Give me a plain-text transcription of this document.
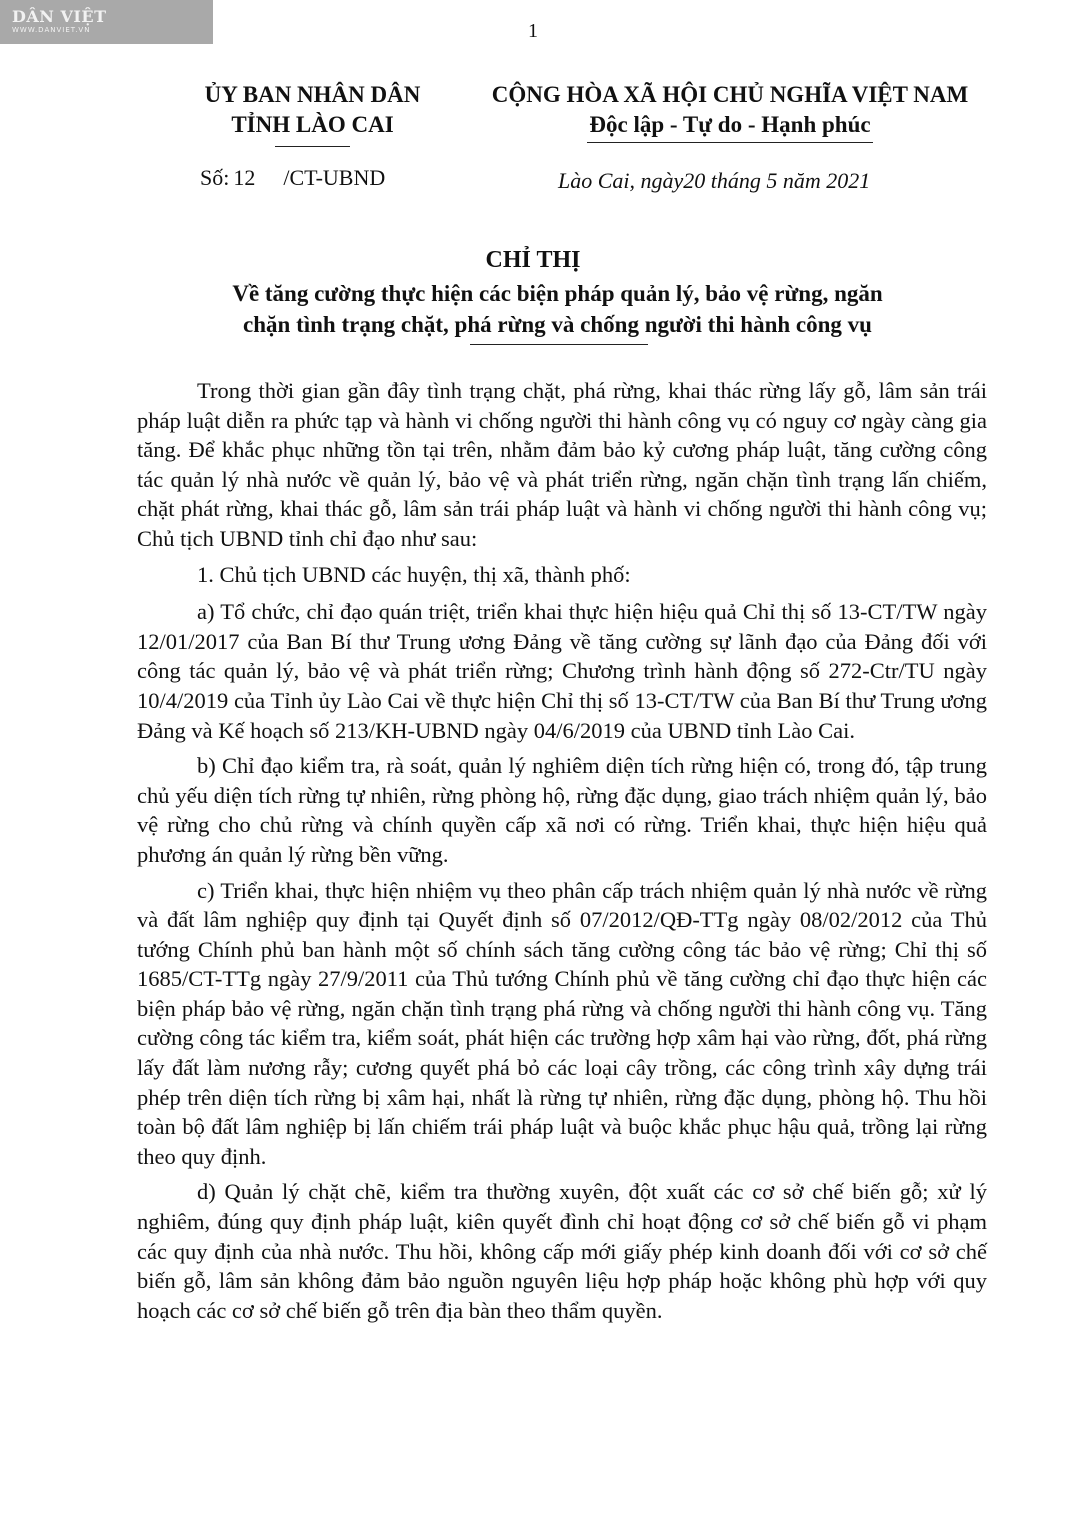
DÂN VIỆT
WWW.DANVIET.VN	1
ỦY BAN NHÂN DÂN
TỈNH LÀO CAI
CỘNG HÒA XÃ HỘI CHỦ NGHĨA VIỆT NAM
Độc lập - Tự do - Hạnh phúc
Số: 12 /CT-UBND	Lào Cai, ngày20 tháng 5 năm 2021
CHỈ THỊ
Về tăng cường thực hiện các biện pháp quản lý, bảo vệ rừng, ngăn
chặn tình trạng chặt, phá rừng và chống người thi hành công vụ

Trong thời gian gần đây tình trạng chặt, phá rừng, khai thác rừng lấy gỗ, lâm sản trái pháp luật diễn ra phức tạp và hành vi chống người thi hành công vụ có nguy cơ ngày càng gia tăng. Để khắc phục những tồn tại trên, nhằm đảm bảo kỷ cương pháp luật, tăng cường công tác quản lý nhà nước về quản lý, bảo vệ và phát triển rừng, ngăn chặn tình trạng lấn chiếm, chặt phát rừng, khai thác gỗ, lâm sản trái pháp luật và hành vi chống người thi hành công vụ; Chủ tịch UBND tỉnh chỉ đạo như sau:

1. Chủ tịch UBND các huyện, thị xã, thành phố:

a) Tổ chức, chỉ đạo quán triệt, triển khai thực hiện hiệu quả Chỉ thị số 13-CT/TW ngày 12/01/2017 của Ban Bí thư Trung ương Đảng về tăng cường sự lãnh đạo của Đảng đối với công tác quản lý, bảo vệ và phát triển rừng; Chương trình hành động số 272-Ctr/TU ngày 10/4/2019 của Tỉnh ủy Lào Cai về thực hiện Chỉ thị số 13-CT/TW của Ban Bí thư Trung ương Đảng và Kế hoạch số 213/KH-UBND ngày 04/6/2019 của UBND tỉnh Lào Cai.

b) Chỉ đạo kiểm tra, rà soát, quản lý nghiêm diện tích rừng hiện có, trong đó, tập trung chủ yếu diện tích rừng tự nhiên, rừng phòng hộ, rừng đặc dụng, giao trách nhiệm quản lý, bảo vệ rừng cho chủ rừng và chính quyền cấp xã nơi có rừng. Triển khai, thực hiện hiệu quả phương án quản lý rừng bền vững.

c) Triển khai, thực hiện nhiệm vụ theo phân cấp trách nhiệm quản lý nhà nước về rừng và đất lâm nghiệp quy định tại Quyết định số 07/2012/QĐ-TTg ngày 08/02/2012 của Thủ tướng Chính phủ ban hành một số chính sách tăng cường công tác bảo vệ rừng; Chỉ thị số 1685/CT-TTg ngày 27/9/2011 của Thủ tướng Chính phủ về tăng cường chỉ đạo thực hiện các biện pháp bảo vệ rừng, ngăn chặn tình trạng phá rừng và chống người thi hành công vụ. Tăng cường công tác kiểm tra, kiểm soát, phát hiện các trường hợp xâm hại vào rừng, đốt, phá rừng lấy đất làm nương rẫy; cương quyết phá bỏ các loại cây trồng, các công trình xây dựng trái phép trên diện tích rừng bị xâm hại, nhất là rừng tự nhiên, rừng đặc dụng, phòng hộ. Thu hồi toàn bộ đất lâm nghiệp bị lấn chiếm trái pháp luật và buộc khắc phục hậu quả, trồng lại rừng theo quy định.

d) Quản lý chặt chẽ, kiểm tra thường xuyên, đột xuất các cơ sở chế biến gỗ; xử lý nghiêm, đúng quy định pháp luật, kiên quyết đình chỉ hoạt động cơ sở chế biến gỗ vi phạm các quy định của nhà nước. Thu hồi, không cấp mới giấy phép kinh doanh đối với cơ sở chế biến gỗ, lâm sản không đảm bảo nguồn nguyên liệu hợp pháp hoặc không phù hợp với quy hoạch các cơ sở chế biến gỗ trên địa bàn theo thẩm quyền.
